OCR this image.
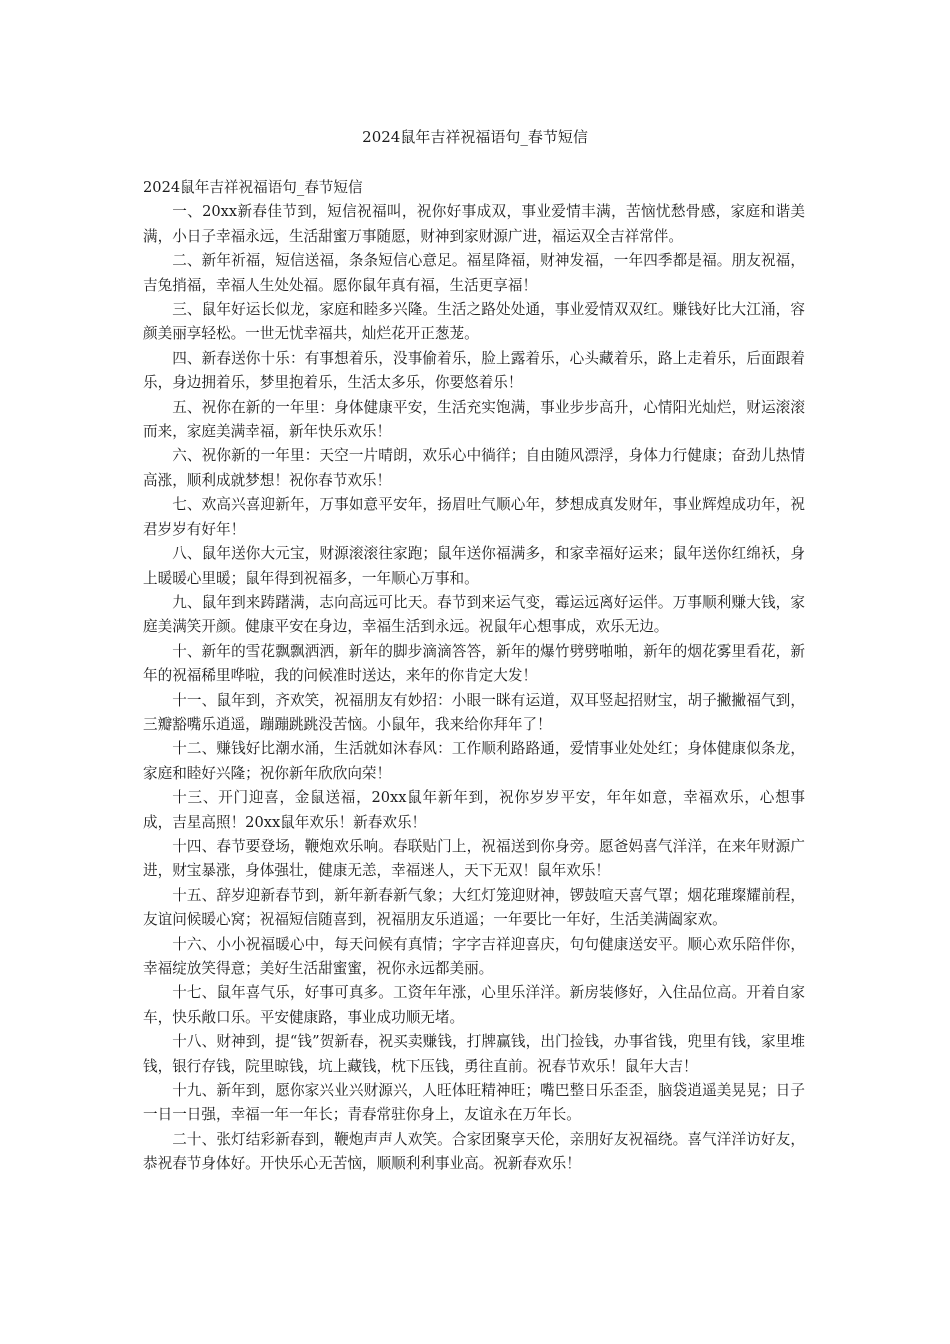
2024鼠年吉祥祝福语句_春节短信

2024鼠年吉祥祝福语句_春节短信

一、20xx新春佳节到，短信祝福叫，祝你好事成双，事业爱情丰满，苦恼忧愁骨感，家庭和谐美满，小日子幸福永远，生活甜蜜万事随愿，财神到家财源广进，福运双全吉祥常伴。

二、新年祈福，短信送福，条条短信心意足。福星降福，财神发福，一年四季都是福。朋友祝福，吉兔捎福，幸福人生处处福。愿你鼠年真有福，生活更享福！

三、鼠年好运长似龙，家庭和睦多兴隆。生活之路处处通，事业爱情双双红。赚钱好比大江涌，容颜美丽享轻松。一世无忧幸福共，灿烂花开正葱茏。

四、新春送你十乐：有事想着乐，没事偷着乐，脸上露着乐，心头藏着乐，路上走着乐，后面跟着乐，身边拥着乐，梦里抱着乐，生活太多乐，你要悠着乐！

五、祝你在新的一年里：身体健康平安，生活充实饱满，事业步步高升，心情阳光灿烂，财运滚滚而来，家庭美满幸福，新年快乐欢乐！

六、祝你新的一年里：天空一片晴朗，欢乐心中徜徉；自由随风漂浮，身体力行健康；奋劲儿热情高涨，顺利成就梦想！祝你春节欢乐！

七、欢高兴喜迎新年，万事如意平安年，扬眉吐气顺心年，梦想成真发财年，事业辉煌成功年，祝君岁岁有好年！

八、鼠年送你大元宝，财源滚滚往家跑；鼠年送你福满多，和家幸福好运来；鼠年送你红绵袄，身上暖暖心里暖；鼠年得到祝福多，一年顺心万事和。

九、鼠年到来踌躇满，志向高远可比天。春节到来运气变，霉运远离好运伴。万事顺利赚大钱，家庭美满笑开颜。健康平安在身边，幸福生活到永远。祝鼠年心想事成，欢乐无边。

十、新年的雪花飘飘洒洒，新年的脚步滴滴答答，新年的爆竹劈劈啪啪，新年的烟花雾里看花，新年的祝福稀里哗啦，我的问候准时送达，来年的你肯定大发！

十一、鼠年到，齐欢笑，祝福朋友有妙招：小眼一眯有运道，双耳竖起招财宝，胡子撇撇福气到，三瓣豁嘴乐逍遥，蹦蹦跳跳没苦恼。小鼠年，我来给你拜年了！

十二、赚钱好比潮水涌，生活就如沐春风：工作顺利路路通，爱情事业处处红；身体健康似条龙，家庭和睦好兴隆；祝你新年欣欣向荣！

十三、开门迎喜，金鼠送福，20xx鼠年新年到，祝你岁岁平安，年年如意，幸福欢乐，心想事成，吉星高照！20xx鼠年欢乐！新春欢乐！

十四、春节要登场，鞭炮欢乐响。春联贴门上，祝福送到你身旁。愿爸妈喜气洋洋，在来年财源广进，财宝暴涨，身体强壮，健康无恙，幸福迷人，天下无双！鼠年欢乐！

十五、辞岁迎新春节到，新年新春新气象；大红灯笼迎财神，锣鼓喧天喜气罩；烟花璀璨耀前程，友谊问候暖心窝；祝福短信随喜到，祝福朋友乐逍遥；一年要比一年好，生活美满阖家欢。

十六、小小祝福暖心中，每天问候有真情；字字吉祥迎喜庆，句句健康送安平。顺心欢乐陪伴你，幸福绽放笑得意；美好生活甜蜜蜜，祝你永远都美丽。

十七、鼠年喜气乐，好事可真多。工资年年涨，心里乐洋洋。新房装修好，入住品位高。开着自家车，快乐敞口乐。平安健康路，事业成功顺无堵。

十八、财神到，提“钱”贺新春，祝买卖赚钱，打牌赢钱，出门捡钱，办事省钱，兜里有钱，家里堆钱，银行存钱，院里晾钱，坑上藏钱，枕下压钱，勇往直前。祝春节欢乐！鼠年大吉！

十九、新年到，愿你家兴业兴财源兴，人旺体旺精神旺；嘴巴整日乐歪歪，脑袋逍遥美晃晃；日子一日一日强，幸福一年一年长；青春常驻你身上，友谊永在万年长。

二十、张灯结彩新春到，鞭炮声声人欢笑。合家团聚享天伦，亲朋好友祝福绕。喜气洋洋访好友，恭祝春节身体好。开快乐心无苦恼，顺顺利利事业高。祝新春欢乐！
